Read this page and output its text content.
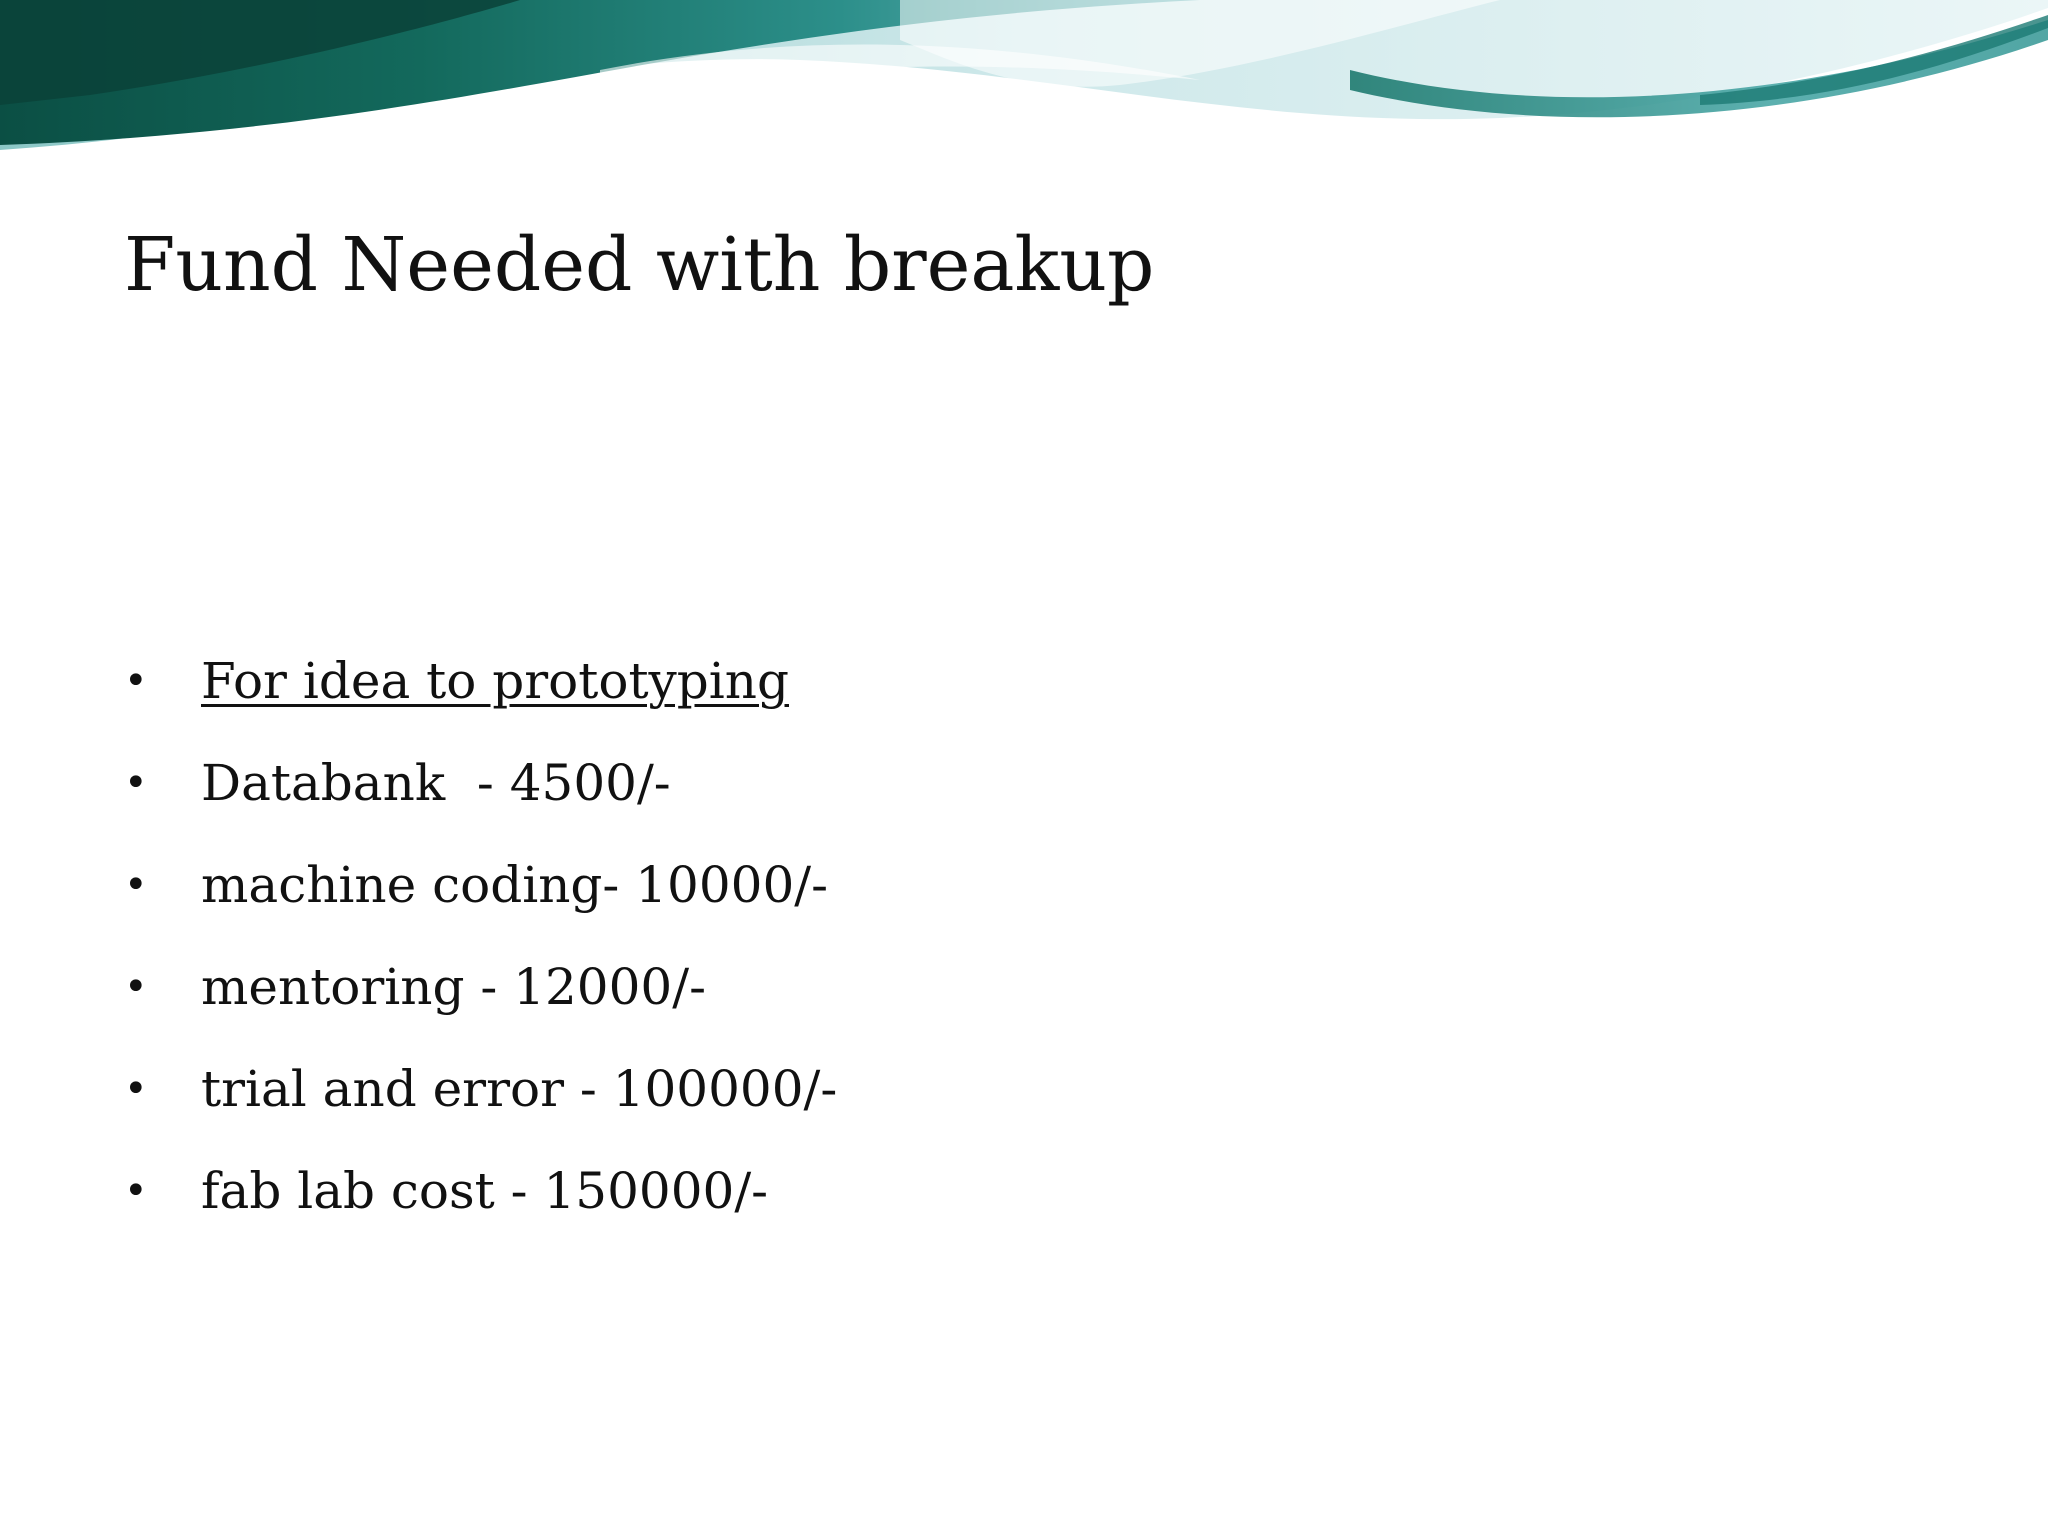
Fund Needed with breakup
• For idea to prototyping
• Databank  - 4500/-
• machine coding- 10000/-
• mentoring - 12000/-
• trial and error - 100000/-
• fab lab cost - 150000/-
